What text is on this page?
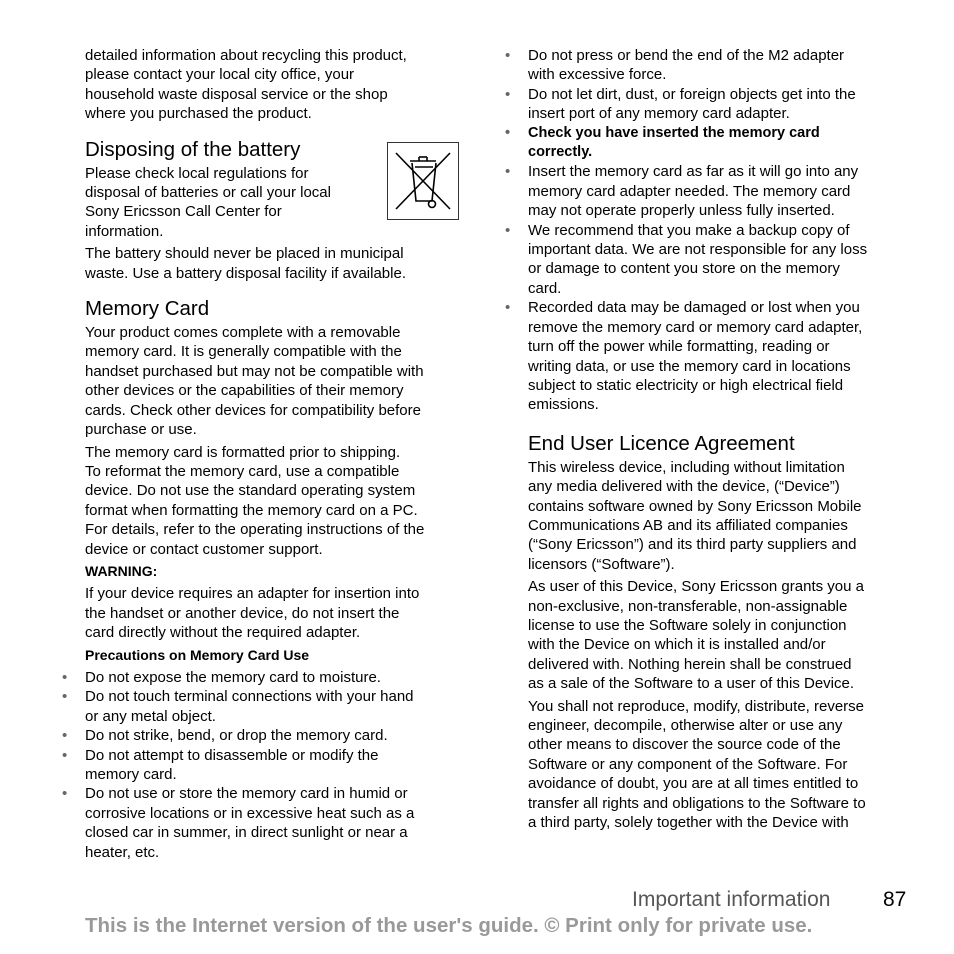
detailed information about recycling this product,
please contact your local city office, your
household waste disposal service or the shop
where you purchased the product.

Disposing of the battery

Please check local regulations for
disposal of batteries or call your local
Sony Ericsson Call Center for
information.

The battery should never be placed in municipal
waste. Use a battery disposal facility if available.

Memory Card

Your product comes complete with a removable
memory card. It is generally compatible with the
handset purchased but may not be compatible with
other devices or the capabilities of their memory
cards. Check other devices for compatibility before
purchase or use.

The memory card is formatted prior to shipping.
To reformat the memory card, use a compatible
device. Do not use the standard operating system
format when formatting the memory card on a PC.
For details, refer to the operating instructions of the
device or contact customer support.

WARNING:

If your device requires an adapter for insertion into
the handset or another device, do not insert the
card directly without the required adapter.

Precautions on Memory Card Use

• Do not expose the memory card to moisture.
• Do not touch terminal connections with your hand
or any metal object.
• Do not strike, bend, or drop the memory card.
• Do not attempt to disassemble or modify the
memory card.
• Do not use or store the memory card in humid or
corrosive locations or in excessive heat such as a
closed car in summer, in direct sunlight or near a
heater, etc.
• Do not press or bend the end of the M2 adapter
with excessive force.
• Do not let dirt, dust, or foreign objects get into the
insert port of any memory card adapter.
• Check you have inserted the memory card
correctly.
• Insert the memory card as far as it will go into any
memory card adapter needed. The memory card
may not operate properly unless fully inserted.
• We recommend that you make a backup copy of
important data. We are not responsible for any loss
or damage to content you store on the memory
card.
• Recorded data may be damaged or lost when you
remove the memory card or memory card adapter,
turn off the power while formatting, reading or
writing data, or use the memory card in locations
subject to static electricity or high electrical field
emissions.
End User Licence Agreement

This wireless device, including without limitation
any media delivered with the device, (“Device”)
contains software owned by Sony Ericsson Mobile
Communications AB and its affiliated companies
(“Sony Ericsson”) and its third party suppliers and
licensors (“Software”).

As user of this Device, Sony Ericsson grants you a
non-exclusive, non-transferable, non-assignable
license to use the Software solely in conjunction
with the Device on which it is installed and/or
delivered with. Nothing herein shall be construed
as a sale of the Software to a user of this Device.

You shall not reproduce, modify, distribute, reverse
engineer, decompile, otherwise alter or use any
other means to discover the source code of the
Software or any component of the Software. For
avoidance of doubt, you are at all times entitled to
transfer all rights and obligations to the Software to
a third party, solely together with the Device with

Important information	87
This is the Internet version of the user's guide. © Print only for private use.
